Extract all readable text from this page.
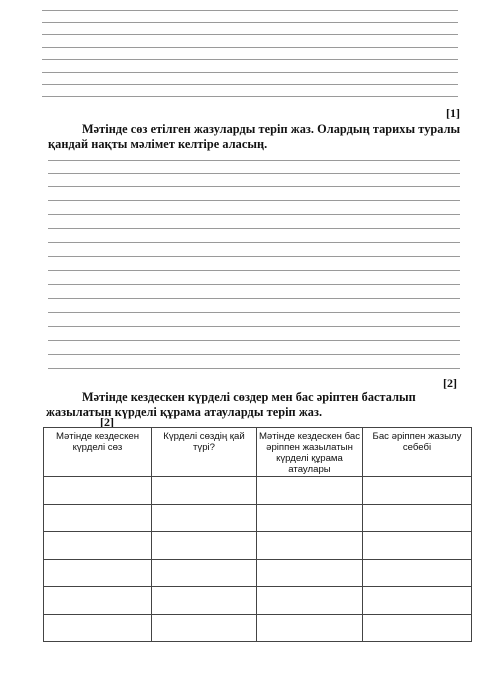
[1]
Мәтінде сөз етілген жазуларды теріп жаз. Олардың тарихы туралы
қандай нақты мәлімет келтіре аласың.
[2]
Мәтінде кездескен күрделі сөздер мен бас әріптен басталып
жазылатын күрделі құрама атауларды теріп жаз.
[2]
Мәтінде кездескен күрделі сөз	Күрделі сөздің қай түрі?	Мәтінде кездескен бас әріппен жазылатын күрделі құрама атаулары	Бас әріппен жазылу себебі
